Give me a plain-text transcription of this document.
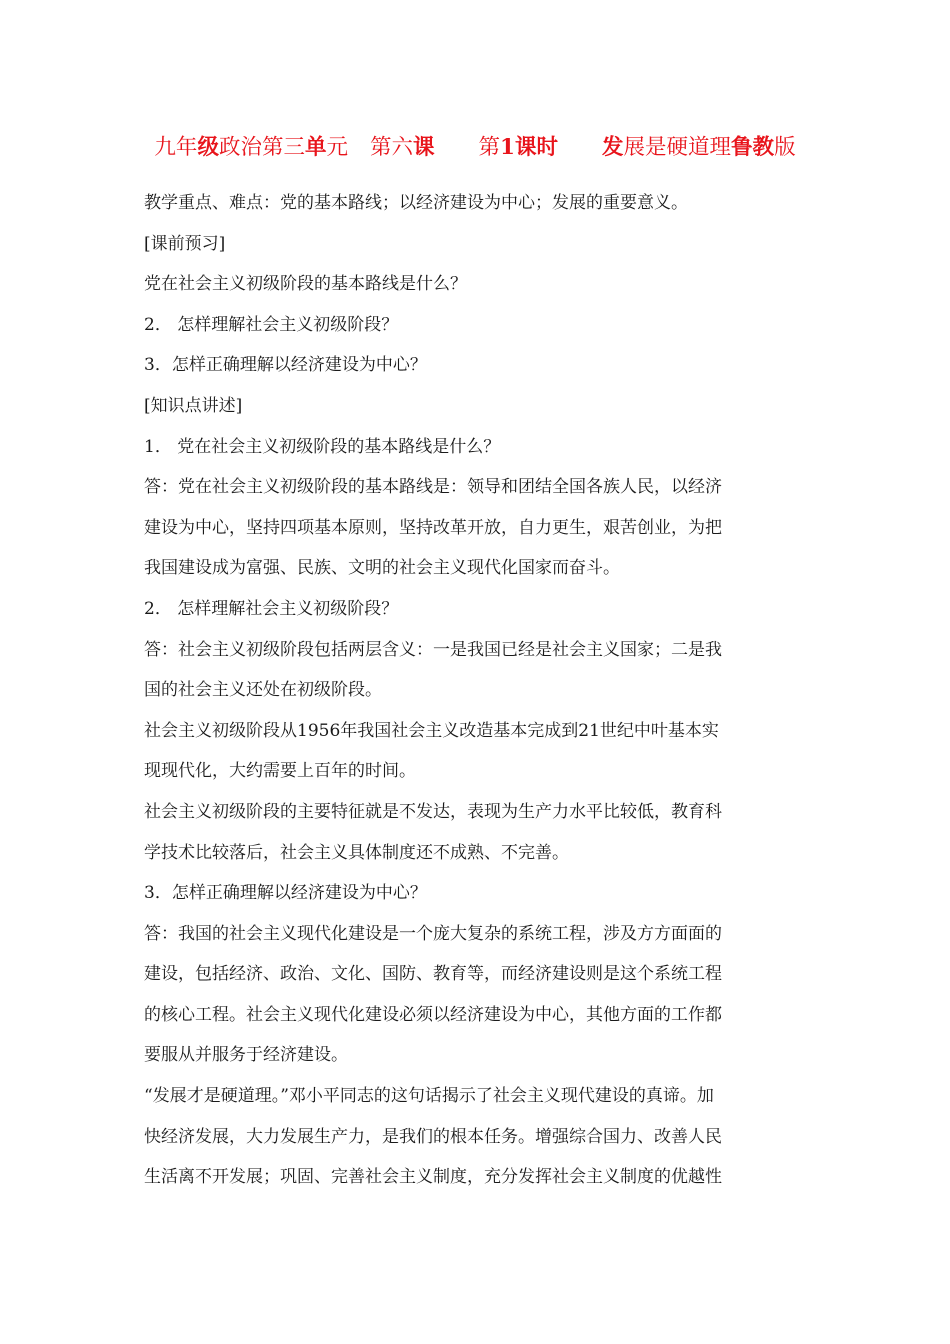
九年级政治第三单元 第六课 第1课时 发展是硬道理鲁教版
教学重点、难点：党的基本路线；以经济建设为中心；发展的重要意义。
[课前预习]
党在社会主义初级阶段的基本路线是什么？
2． 怎样理解社会主义初级阶段？
3．怎样正确理解以经济建设为中心？
[知识点讲述]
1． 党在社会主义初级阶段的基本路线是什么？
答：党在社会主义初级阶段的基本路线是：领导和团结全国各族人民，以经济
建设为中心，坚持四项基本原则，坚持改革开放，自力更生，艰苦创业，为把
我国建设成为富强、民族、文明的社会主义现代化国家而奋斗。
2． 怎样理解社会主义初级阶段？
答：社会主义初级阶段包括两层含义：一是我国已经是社会主义国家；二是我
国的社会主义还处在初级阶段。
社会主义初级阶段从1956年我国社会主义改造基本完成到21世纪中叶基本实
现现代化，大约需要上百年的时间。
社会主义初级阶段的主要特征就是不发达，表现为生产力水平比较低，教育科
学技术比较落后，社会主义具体制度还不成熟、不完善。
3．怎样正确理解以经济建设为中心？
答：我国的社会主义现代化建设是一个庞大复杂的系统工程，涉及方方面面的
建设，包括经济、政治、文化、国防、教育等，而经济建设则是这个系统工程
的核心工程。社会主义现代化建设必须以经济建设为中心，其他方面的工作都
要服从并服务于经济建设。
“发展才是硬道理。”邓小平同志的这句话揭示了社会主义现代建设的真谛。加
快经济发展，大力发展生产力，是我们的根本任务。增强综合国力、改善人民
生活离不开发展；巩固、完善社会主义制度，充分发挥社会主义制度的优越性
